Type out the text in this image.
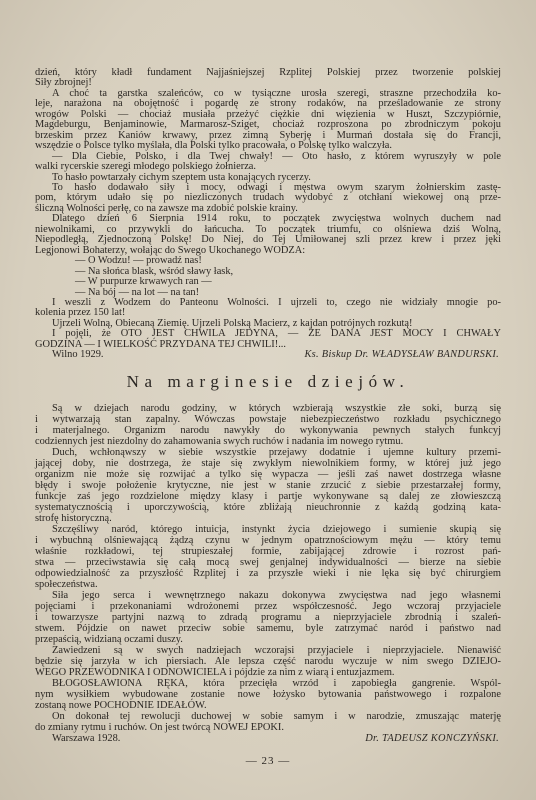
dzień, który kładł fundament Najjaśniejszej Rzplitej Polskiej przez tworzenie polskiej
Siły zbrojnej!
A choć ta garstka szaleńców, co w tysiączne urosła szeregi, straszne przechodziła ko-
leje, narażona na obojętność i pogardę ze strony rodaków, na prześladowanie ze strony
wrogów Polski — chociaż musiała przeżyć ciężkie dni więzienia w Huszt, Szczypiórnie,
Magdeburgu, Benjaminowie, Marmarosz-Sziget, chociaż rozproszona po zbrodniczym pokoju
brzeskim przez Kaniów krwawy, przez zimną Syberję i Murmań dostała się do Francji,
wszędzie o Polsce tylko myślała, dla Polski tylko pracowała, o Polskę tylko walczyła.
— Dla Ciebie, Polsko, i dla Twej chwały! — Oto hasło, z którem wyruszyły w pole
walki rycerskie szeregi młodego polskiego żołnierza.
To hasło powtarzały cichym szeptem usta konających rycerzy.
To hasło dodawało siły i mocy, odwagi i męstwa owym szarym żołnierskim zastę-
pom, którym udało się po niezliczonych trudach wydobyć z otchłani wiekowej oną prze-
śliczną Wolności perłę, co na zawsze ma zdobić polskie krainy.
Dlatego dzień 6 Sierpnia 1914 roku, to początek zwycięstwa wolnych duchem nad
niewolnikami, co przywykli do łańcucha. To początek triumfu, co olśniewa dziś Wolną,
Niepodległą, Zjednoczoną Polskę! Do Niej, do Tej Umiłowanej szli przez krew i przez jęki
Legjonowi Bohaterzy, wołając do Swego Ukochanego WODZA:
— O Wodzu! — prowadź nas!
— Na słońca blask, wśród sławy łask,
— W purpurze krwawych ran —
— Na bój — na lot — na tan!
I weszli z Wodzem do Panteonu Wolności. I ujrzeli to, czego nie widziały mnogie po-
kolenia przez 150 lat!
Ujrzeli Wolną, Obiecaną Ziemię. Ujrzeli Polską Macierz, z kajdan potrójnych rozkutą!
I pojęli, że OTO JEST CHWILA JEDYNA, — ŻE DANA JEST MOCY I CHWAŁY
GODZINA — I WIELKOŚĆ PRZYDANA TEJ CHWILI!...
Wilno 1929.	Ks. Biskup Dr. WŁADYSŁAW BANDURSKI.
Na marginesie dziejów.
Są w dziejach narodu godziny, w których wzbierają wszystkie złe soki, burzą się
i wytwarzają stan zapalny. Wówczas powstaje niebezpieczeństwo rozkładu psychicznego
i materjalnego. Organizm narodu nawykły do wykonywania pewnych stałych funkcyj
codziennych jest niezdolny do zahamowania swych ruchów i nadania im nowego rytmu.
Duch, wchłonąwszy w siebie wszystkie przejawy dodatnie i ujemne kultury przemi-
jającej doby, nie dostrzega, że staje się zwykłym niewolnikiem formy, w której już jego
organizm nie może się rozwijać a tylko się wypacza — jeśli zaś nawet dostrzega własne
błędy i swoje położenie krytyczne, nie jest w stanie zrzucić z siebie przestarzałej formy,
funkcje zaś jego rozdzielone między klasy i partje wykonywane są dalej ze złowieszczą
systematycznością i uporczywością, które zbliżają nieuchronnie z każdą godziną kata-
strofę historyczną.
Szczęśliwy naród, którego intuicja, instynkt życia dziejowego i sumienie skupią się
i wybuchną olśniewającą żądzą czynu w jednym opatrznościowym mężu — który temu
właśnie rozkładowi, tej strupieszałej formie, zabijającej zdrowie i rozrost pań-
stwa — przeciwstawia się całą mocą swej genjalnej indywidualności — bierze na siebie
odpowiedzialność za przyszłość Rzplitej i za przyszłe wieki i nie lęka się być chirurgiem
społeczeństwa.
Siła jego serca i wewnętrznego nakazu dokonywa zwycięstwa nad jego własnemi
pojęciami i przekonaniami wdrożonemi przez współczesność. Jego wczoraj przyjaciele
i towarzysze partyjni nazwą to zdradą programu a nieprzyjaciele zbrodnią i szaleń-
stwem. Pójdzie on nawet przeciw sobie samemu, byle zatrzymać naród i państwo nad
przepaścią, widzianą oczami duszy.
Zawiedzeni są w swych nadziejach wczorajsi przyjaciele i nieprzyjaciele. Nienawiść
będzie się jarzyła w ich piersiach. Ale lepsza część narodu wyczuje w nim swego DZIEJO-
WEGO PRZEWODNIKA I ODNOWICIELA i pójdzie za nim z wiarą i entuzjazmem.
BŁOGOSŁAWIONA RĘKA, która przecięła wrzód i zapobiegła gangrenie. Wspól-
nym wysiłkiem wybudowane zostanie nowe łożysko bytowania państwowego i rozpalone
zostaną nowe POCHODNIE IDEAŁÓW.
On dokonał tej rewolucji duchowej w sobie samym i w narodzie, zmuszając materję
do zmiany rytmu i ruchów. On jest twórcą NOWEJ EPOKI.
Warszawa 1928.	Dr. TADEUSZ KONCZYŃSKI.
— 23 —
